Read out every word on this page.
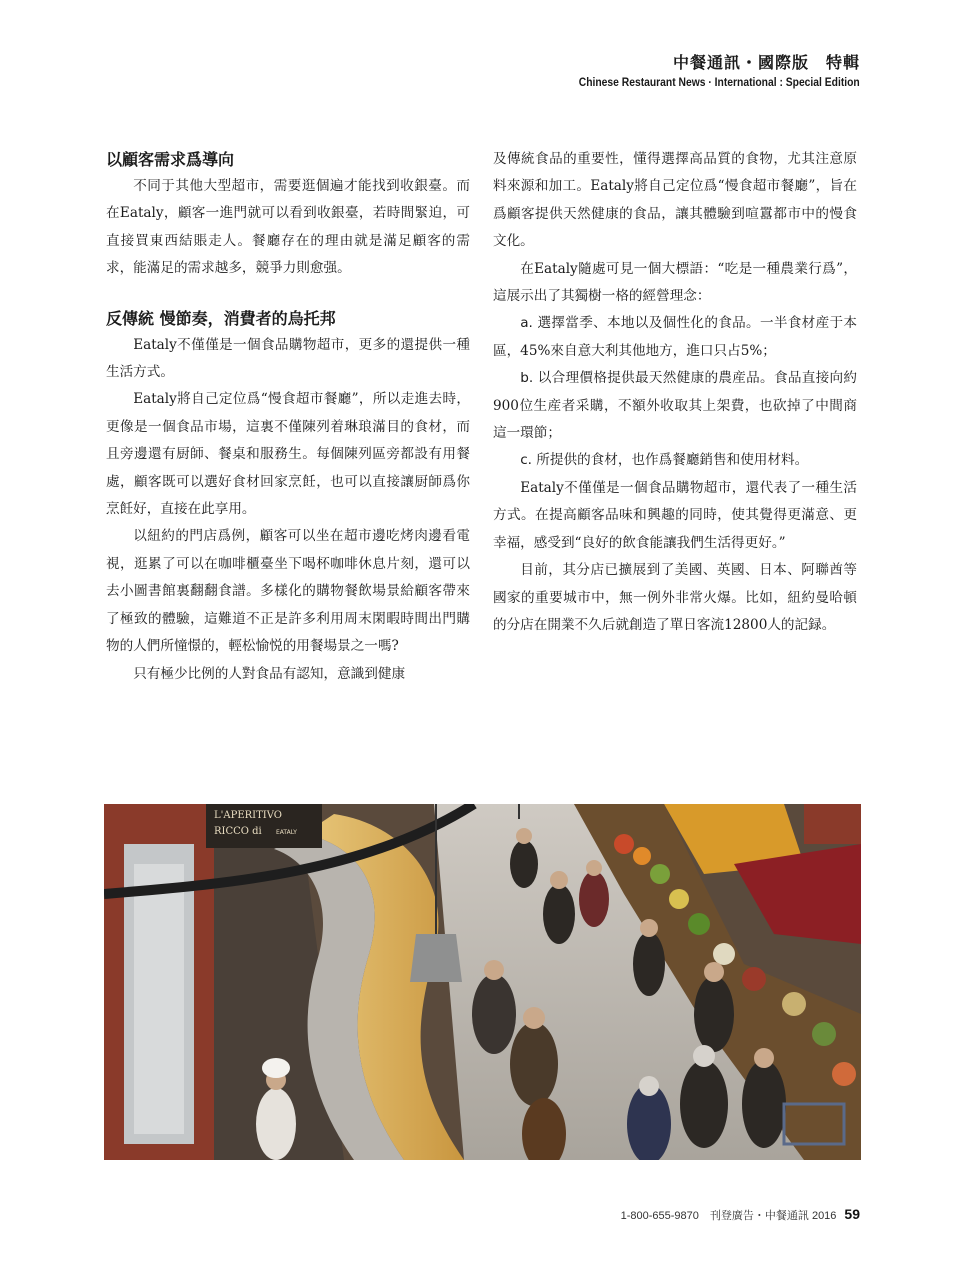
中餐通訊・國際版　特輯
Chinese Restaurant News · International : Special Edition
以顧客需求爲導向

不同于其他大型超市，需要逛個遍才能找到收銀臺。而在Eataly，顧客一進門就可以看到收銀臺，若時間緊迫，可直接買東西結賬走人。餐廳存在的理由就是滿足顧客的需求，能滿足的需求越多，競爭力則愈强。

反傳統 慢節奏，消費者的烏托邦

Eataly不僅僅是一個食品購物超市，更多的還提供一種生活方式。

Eataly將自己定位爲“慢食超市餐廳”，所以走進去時，更像是一個食品市場，這裏不僅陳列着琳琅滿目的食材，而且旁邊還有厨師、餐桌和服務生。每個陳列區旁都設有用餐處，顧客既可以選好食材回家烹飪，也可以直接讓厨師爲你烹飪好，直接在此享用。

以紐約的門店爲例，顧客可以坐在超市邊吃烤肉邊看電視，逛累了可以在咖啡櫃臺坐下喝杯咖啡休息片刻，還可以去小圖書館裏翻翻食譜。多樣化的購物餐飲場景給顧客帶來了極致的體驗，這難道不正是許多利用周末閑暇時間出門購物的人們所憧憬的，輕松愉悦的用餐場景之一嗎?

只有極少比例的人對食品有認知，意識到健康

及傳統食品的重要性，懂得選擇高品質的食物，尤其注意原料來源和加工。Eataly將自己定位爲“慢食超市餐廳”，旨在爲顧客提供天然健康的食品，讓其體驗到喧囂都市中的慢食文化。

在Eataly隨處可見一個大標語：“吃是一種農業行爲”，這展示出了其獨樹一格的經營理念：

a. 選擇當季、本地以及個性化的食品。一半食材産于本區，45%來自意大利其他地方，進口只占5%；

b. 以合理價格提供最天然健康的農産品。食品直接向約900位生産者采購，不額外收取其上架費，也砍掉了中間商這一環節；

c. 所提供的食材，也作爲餐廳銷售和使用材料。

Eataly不僅僅是一個食品購物超市，還代表了一種生活方式。在提高顧客品味和興趣的同時，使其覺得更滿意、更幸福，感受到“良好的飲食能讓我們生活得更好。”

目前，其分店已擴展到了美國、英國、日本、阿聯酋等國家的重要城市中，無一例外非常火爆。比如，紐約曼哈頓的分店在開業不久后就創造了單日客流12800人的記録。

L'APERITIVO
RICCO di EATALY
1-800-655-9870　刊登廣告・中餐通訊 2016 59
